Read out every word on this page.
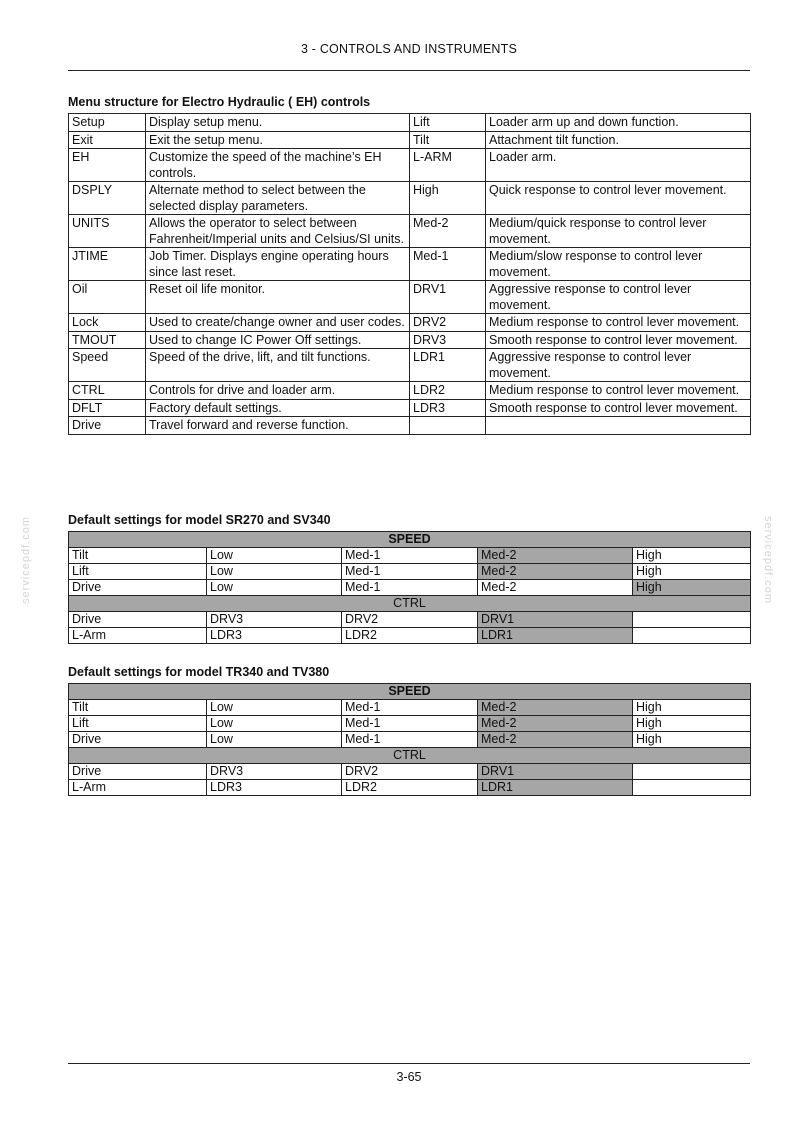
3 - CONTROLS AND INSTRUMENTS
Menu structure for Electro Hydraulic ( EH) controls
Setup	Display setup menu.	Lift	Loader arm up and down function.
Exit	Exit the setup menu.	Tilt	Attachment tilt function.
EH	Customize the speed of the machine’s EH controls.	L-ARM	Loader arm.
DSPLY	Alternate method to select between the selected display parameters.	High	Quick response to control lever movement.
UNITS	Allows the operator to select between Fahrenheit/Imperial units and Celsius/SI units.	Med-2	Medium/quick response to control lever movement.
JTIME	Job Timer. Displays engine operating hours since last reset.	Med-1	Medium/slow response to control lever movement.
Oil	Reset oil life monitor.	DRV1	Aggressive response to control lever movement.
Lock	Used to create/change owner and user codes.	DRV2	Medium response to control lever movement.
TMOUT	Used to change IC Power Off settings.	DRV3	Smooth response to control lever movement.
Speed	Speed of the drive, lift, and tilt functions.	LDR1	Aggressive response to control lever movement.
CTRL	Controls for drive and loader arm.	LDR2	Medium response to control lever movement.
DFLT	Factory default settings.	LDR3	Smooth response to control lever movement.
Drive	Travel forward and reverse function.		
Default settings for model SR270 and SV340
SPEED				
Tilt	Low	Med-1	Med-2	High
Lift	Low	Med-1	Med-2	High
Drive	Low	Med-1	Med-2	High
CTRL				
Drive	DRV3	DRV2	DRV1	
L-Arm	LDR3	LDR2	LDR1	
Default settings for model TR340 and TV380
SPEED				
Tilt	Low	Med-1	Med-2	High
Lift	Low	Med-1	Med-2	High
Drive	Low	Med-1	Med-2	High
CTRL				
Drive	DRV3	DRV2	DRV1	
L-Arm	LDR3	LDR2	LDR1	
servicepdf.com	servicepdf.com
3-65
